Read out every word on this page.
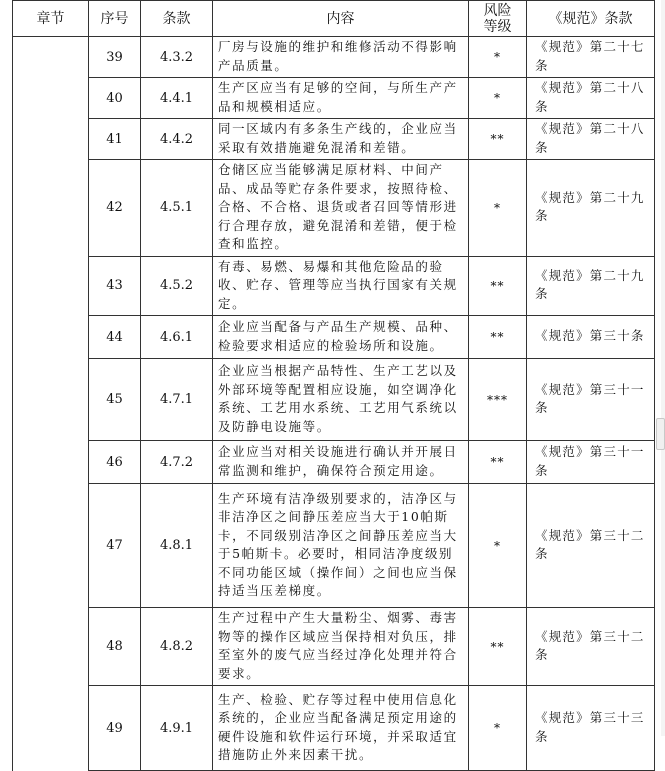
章节	序号	条款	内容	风险等级	《规范》条款
	39	4.3.2	厂房与设施的维护和维修活动不得影响产品质量。	*	《规范》第二十七条
	40	4.4.1	生产区应当有足够的空间，与所生产产品和规模相适应。	*	《规范》第二十八条
	41	4.4.2	同一区域内有多条生产线的，企业应当采取有效措施避免混淆和差错。	**	《规范》第二十八条
	42	4.5.1	仓储区应当能够满足原材料、中间产品、成品等贮存条件要求，按照待检、合格、不合格、退货或者召回等情形进行合理存放，避免混淆和差错，便于检查和监控。	*	《规范》第二十九条
	43	4.5.2	有毒、易燃、易爆和其他危险品的验收、贮存、管理等应当执行国家有关规定。	**	《规范》第二十九条
	44	4.6.1	企业应当配备与产品生产规模、品种、检验要求相适应的检验场所和设施。	**	《规范》第三十条
	45	4.7.1	企业应当根据产品特性、生产工艺以及外部环境等配置相应设施，如空调净化系统、工艺用水系统、工艺用气系统以及防静电设施等。	***	《规范》第三十一条
	46	4.7.2	企业应当对相关设施进行确认并开展日常监测和维护，确保符合预定用途。	**	《规范》第三十一条
	47	4.8.1	生产环境有洁净级别要求的，洁净区与非洁净区之间静压差应当大于10帕斯卡，不同级别洁净区之间静压差应当大于5帕斯卡。必要时，相同洁净度级别不同功能区域（操作间）之间也应当保持适当压差梯度。	*	《规范》第三十二条
	48	4.8.2	生产过程中产生大量粉尘、烟雾、毒害物等的操作区域应当保持相对负压，排至室外的废气应当经过净化处理并符合要求。	**	《规范》第三十二条
	49	4.9.1	生产、检验、贮存等过程中使用信息化系统的，企业应当配备满足预定用途的硬件设施和软件运行环境，并采取适宜措施防止外来因素干扰。	*	《规范》第三十三条
